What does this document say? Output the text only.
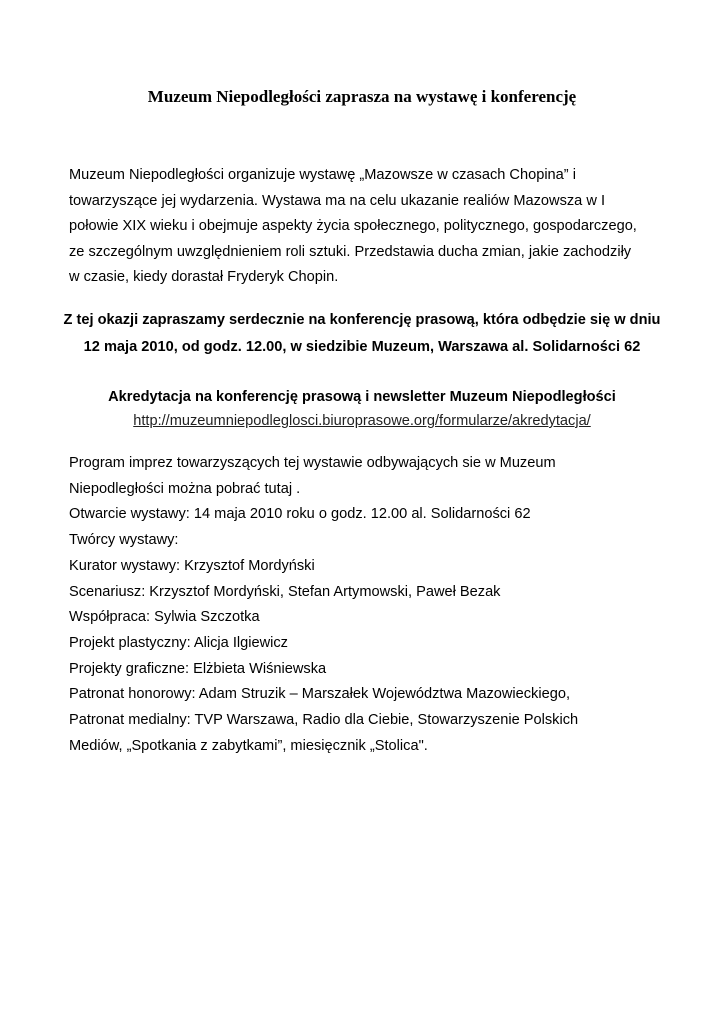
Muzeum Niepodległości zaprasza na wystawę i konferencję

Muzeum Niepodległości organizuje wystawę „Mazowsze w czasach Chopina” i
towarzyszące jej wydarzenia. Wystawa ma na celu ukazanie realiów Mazowsza w I
połowie XIX wieku i obejmuje aspekty życia społecznego, politycznego, gospodarczego,
ze szczególnym uwzględnieniem roli sztuki. Przedstawia ducha zmian, jakie zachodziły
w czasie, kiedy dorastał Fryderyk Chopin.

Z tej okazji zapraszamy serdecznie na konferencję prasową, która odbędzie się w dniu
12 maja 2010, od godz. 12.00, w siedzibie Muzeum, Warszawa al. Solidarności 62

Akredytacja na konferencję prasową i newsletter Muzeum Niepodległości
http://muzeumniepodleglosci.biuroprasowe.org/formularze/akredytacja/

Program imprez towarzyszących tej wystawie odbywających sie w Muzeum
Niepodległości można pobrać tutaj .
Otwarcie wystawy: 14 maja 2010 roku o godz. 12.00 al. Solidarności 62
Twórcy wystawy:
Kurator wystawy: Krzysztof Mordyński
Scenariusz: Krzysztof Mordyński, Stefan Artymowski, Paweł Bezak
Współpraca: Sylwia Szczotka
Projekt plastyczny: Alicja Ilgiewicz
Projekty graficzne: Elżbieta Wiśniewska
Patronat honorowy: Adam Struzik – Marszałek Województwa Mazowieckiego,
Patronat medialny: TVP Warszawa, Radio dla Ciebie, Stowarzyszenie Polskich
Mediów, „Spotkania z zabytkami”, miesięcznik „Stolica".
